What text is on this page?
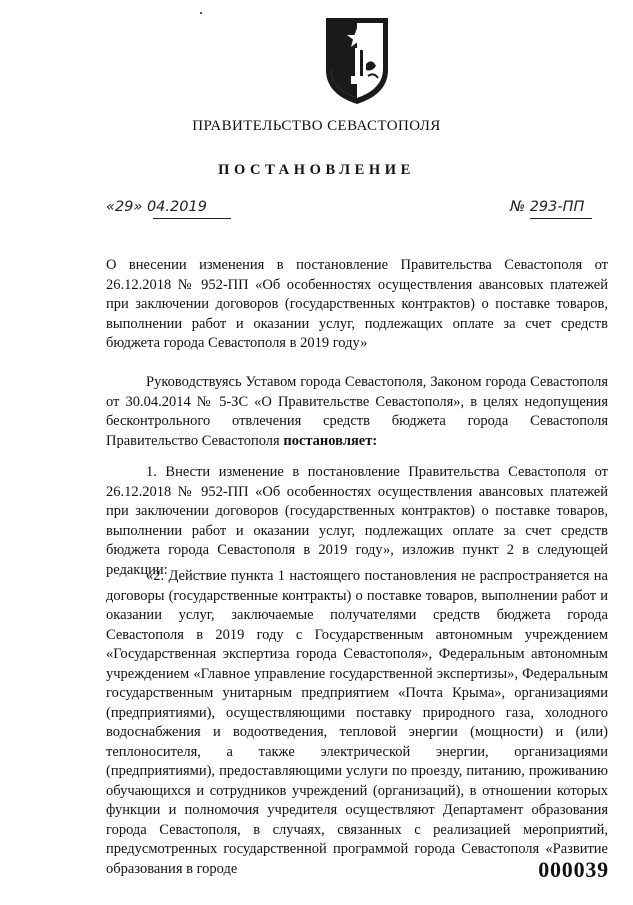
ПРАВИТЕЛЬСТВО СЕВАСТОПОЛЯ
ПОСТАНОВЛЕНИЕ
«29» 04.2019	№ 293-ПП
О внесении изменения в постановление Правительства Севастополя от 26.12.2018 № 952-ПП «Об особенностях осуществления авансовых платежей при заключении договоров (государственных контрактов) о поставке товаров, выполнении работ и оказании услуг, подлежащих оплате за счет средств бюджета города Севастополя в 2019 году»
Руководствуясь Уставом города Севастополя, Законом города Севастополя от 30.04.2014 № 5-ЗС «О Правительстве Севастополя», в целях недопущения бесконтрольного отвлечения средств бюджета города Севастополя Правительство Севастополя постановляет:
1. Внести изменение в постановление Правительства Севастополя от 26.12.2018 № 952-ПП «Об особенностях осуществления авансовых платежей при заключении договоров (государственных контрактов) о поставке товаров, выполнении работ и оказании услуг, подлежащих оплате за счет средств бюджета города Севастополя в 2019 году», изложив пункт 2 в следующей редакции:
«2. Действие пункта 1 настоящего постановления не распространяется на договоры (государственные контракты) о поставке товаров, выполнении работ и оказании услуг, заключаемые получателями средств бюджета города Севастополя в 2019 году с Государственным автономным учреждением «Государственная экспертиза города Севастополя», Федеральным автономным учреждением «Главное управление государственной экспертизы», Федеральным государственным унитарным предприятием «Почта Крыма», организациями (предприятиями), осуществляющими поставку природного газа, холодного водоснабжения и водоотведения, тепловой энергии (мощности) и (или) теплоносителя, а также электрической энергии, организациями (предприятиями), предоставляющими услуги по проезду, питанию, проживанию обучающихся и сотрудников учреждений (организаций), в отношении которых функции и полномочия учредителя осуществляют Департамент образования города Севастополя, в случаях, связанных с реализацией мероприятий, предусмотренных государственной программой города Севастополя «Развитие образования в городе	000039
